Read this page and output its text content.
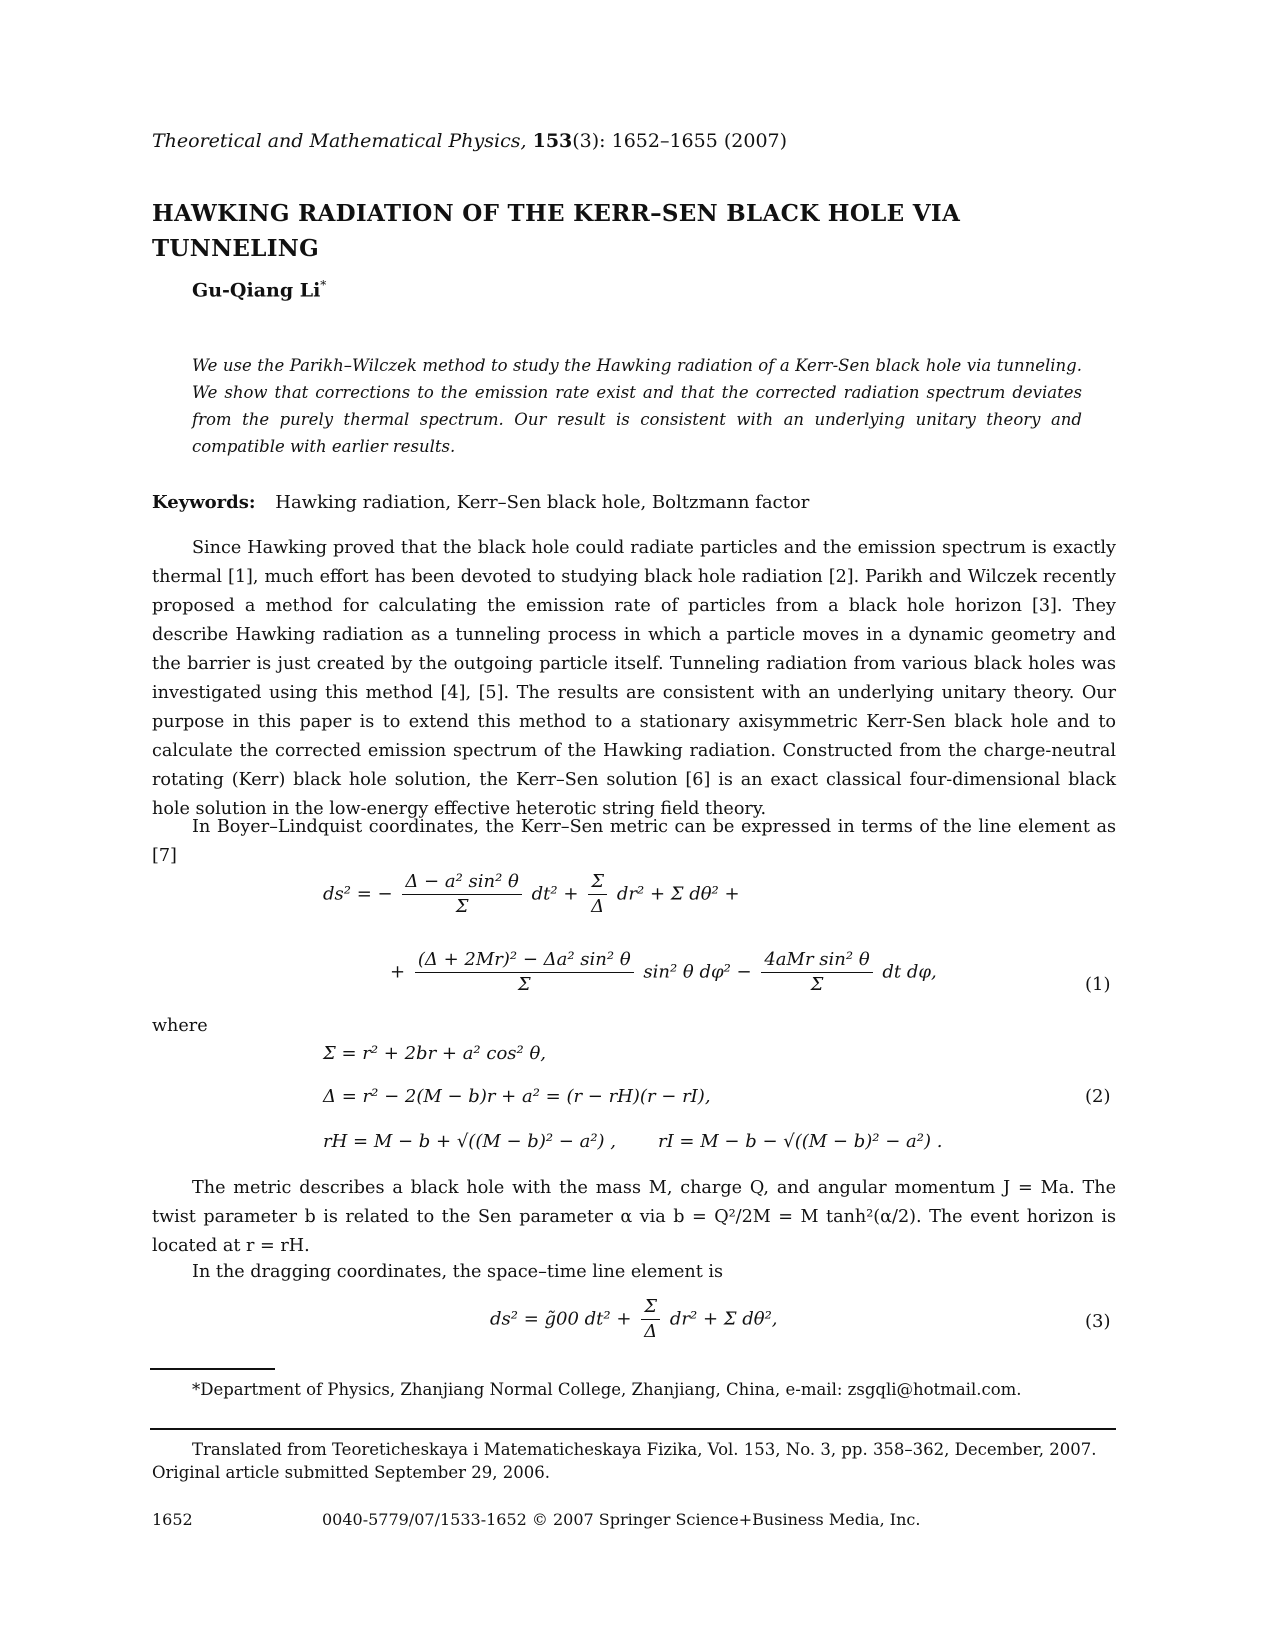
Theoretical and Mathematical Physics, 153(3): 1652–1655 (2007)
HAWKING RADIATION OF THE KERR–SEN BLACK HOLE VIA TUNNELING
Gu-Qiang Li*
We use the Parikh–Wilczek method to study the Hawking radiation of a Kerr-Sen black hole via tunneling. We show that corrections to the emission rate exist and that the corrected radiation spectrum deviates from the purely thermal spectrum. Our result is consistent with an underlying unitary theory and compatible with earlier results.
Keywords: Hawking radiation, Kerr–Sen black hole, Boltzmann factor
Since Hawking proved that the black hole could radiate particles and the emission spectrum is exactly thermal [1], much effort has been devoted to studying black hole radiation [2]. Parikh and Wilczek recently proposed a method for calculating the emission rate of particles from a black hole horizon [3]. They describe Hawking radiation as a tunneling process in which a particle moves in a dynamic geometry and the barrier is just created by the outgoing particle itself. Tunneling radiation from various black holes was investigated using this method [4], [5]. The results are consistent with an underlying unitary theory. Our purpose in this paper is to extend this method to a stationary axisymmetric Kerr-Sen black hole and to calculate the corrected emission spectrum of the Hawking radiation. Constructed from the charge-neutral rotating (Kerr) black hole solution, the Kerr–Sen solution [6] is an exact classical four-dimensional black hole solution in the low-energy effective heterotic string field theory.
In Boyer–Lindquist coordinates, the Kerr–Sen metric can be expressed in terms of the line element as [7]
ds² = − $\frac{\text{Δ − a² sin² θ}}{\Sigma} dt^2 + \frac{\Sigma}{\Delta} dr^2 + \Sigma$ dθ² +
+ $\frac{\text{(Δ + 2Mr)² − Δa² sin² θ}}{\Sigma} \sin^2$ θ $d\varphi^2 - \frac{\text{4aMr sin² θ}}{\Sigma}$ dt dφ,
(1)
where
Σ = r² + 2br + a² cos² θ,
Δ = r² − 2(M − b)r + a² = (r − rH)(r − rI),	(2)
rH = M − b + √((M − b)² − a²) , rI = M − b − √((M − b)² − a²) .
The metric describes a black hole with the mass M, charge Q, and angular momentum J = Ma. The twist parameter b is related to the Sen parameter α via b = Q²/2M = M tanh²(α/2). The event horizon is located at r = rH.
In the dragging coordinates, the space–time line element is
ds² = g̃00 $dt^2 + \frac{\Sigma}{\Delta} dr^2 + \Sigma$ dθ²,	(3)
*Department of Physics, Zhanjiang Normal College, Zhanjiang, China, e-mail: zsgqli@hotmail.com.
Translated from Teoreticheskaya i Matematicheskaya Fizika, Vol. 153, No. 3, pp. 358–362, December, 2007.
Original article submitted September 29, 2006.
1652	0040-5779/07/1533-1652 © 2007 Springer Science+Business Media, Inc.
